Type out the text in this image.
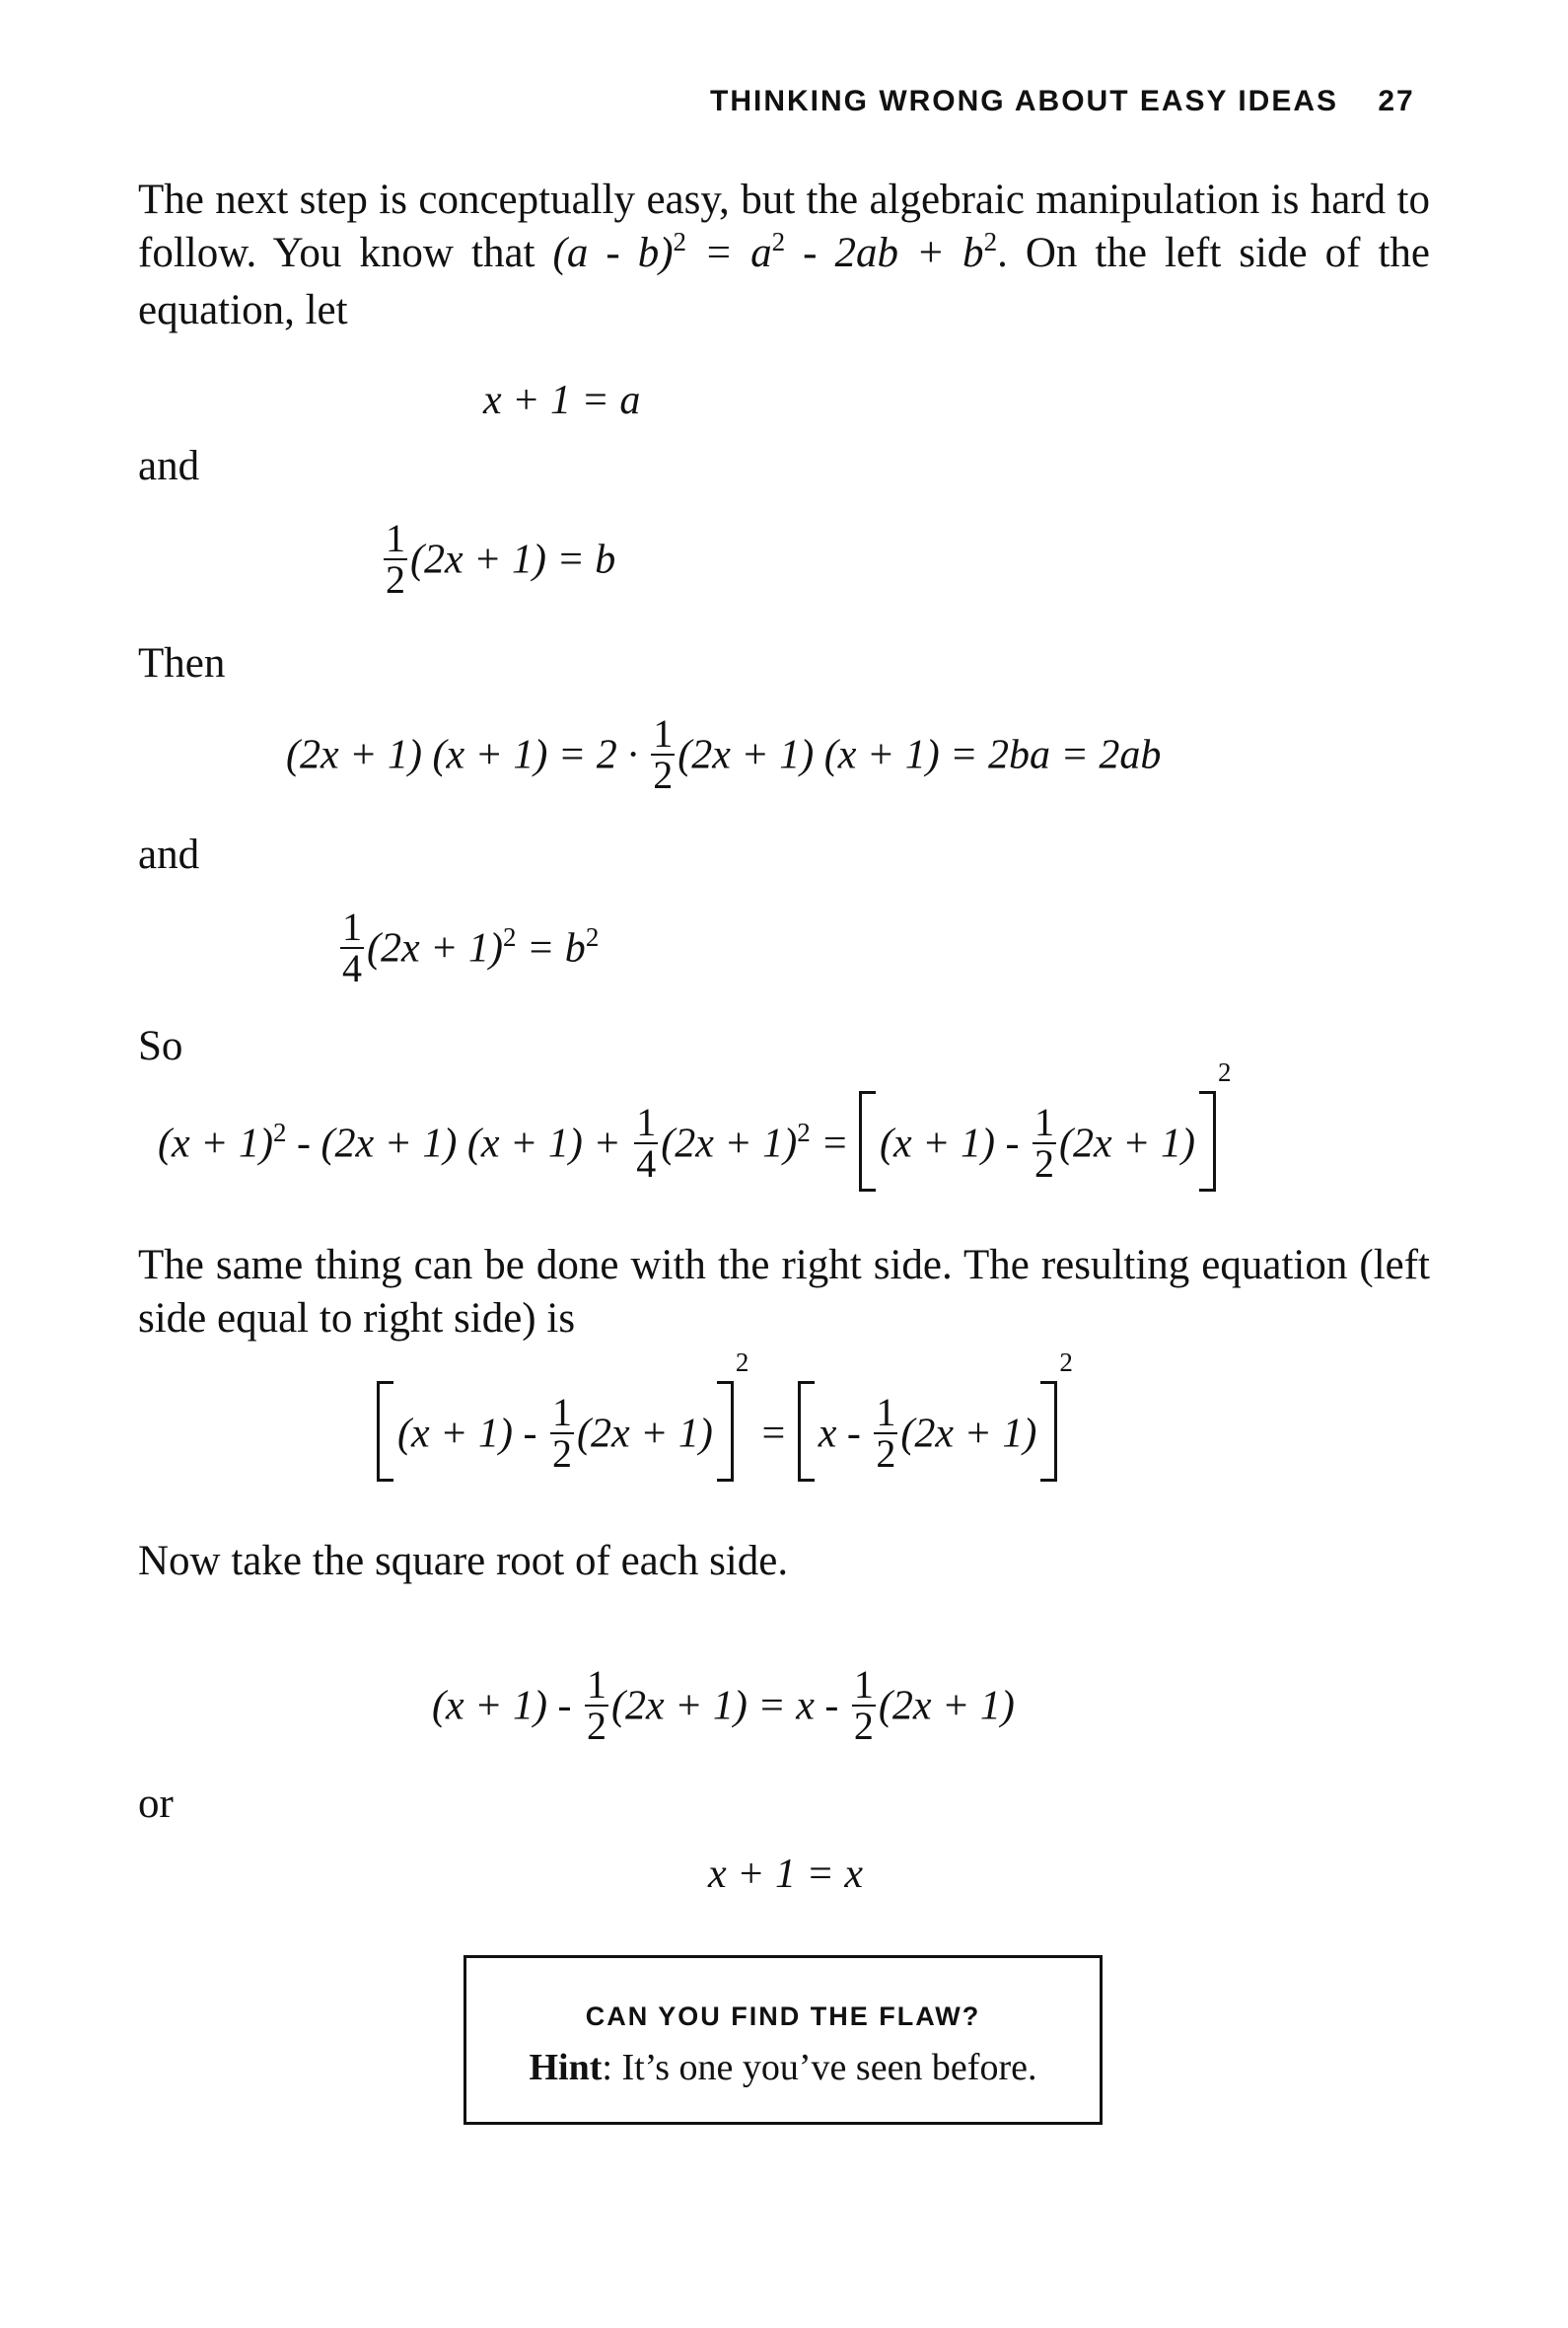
THINKING WRONG ABOUT EASY IDEAS 27
The next step is conceptually easy, but the algebraic manipulation is hard to follow. You know that $(a - b)^2 = a^2 - 2ab + b^2$. On the left side of the equation, let
x + 1 = a
and
$\frac{1}{2} (2x + 1) = b$
Then
(2x + 1) $(x + 1) = 2 \cdot \frac{1}{2} (2x + 1) (x + 1) = 2ba = 2ab$
and
$\frac{1}{4} (2x + 1)^2 = b^2$
So
$(x + 1)^2 - (2x + 1)$ $(x + 1) + \frac{1}{4} (2x + 1)^2 = (x + 1) - \frac{1}{2} (2x + 1)2$
The same thing can be done with the right side. The resulting equation (left side equal to right side) is
$(x + 1) - \frac{1}{2} (2x + 1)2 = x - \frac{1}{2} (2x + 1)2$
Now take the square root of each side.
$(x + 1) - \frac{1}{2} (2x + 1) = x - \frac{1}{2} (2x + 1)$
or
x + 1 = x
CAN YOU FIND THE FLAW?
Hint: It’s one you’ve seen before.
